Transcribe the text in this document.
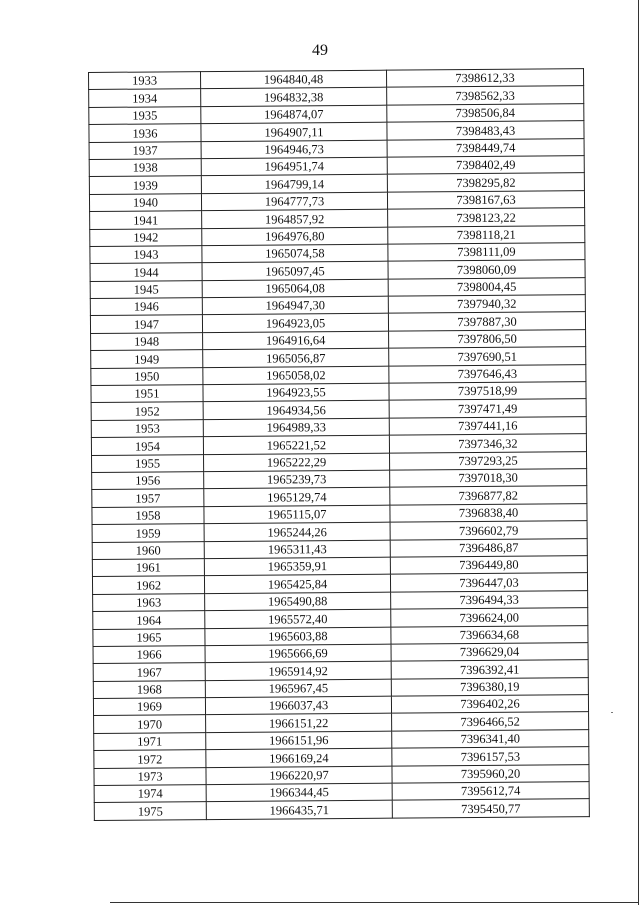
49
1933	1964840,48	7398612,33
1934	1964832,38	7398562,33
1935	1964874,07	7398506,84
1936	1964907,11	7398483,43
1937	1964946,73	7398449,74
1938	1964951,74	7398402,49
1939	1964799,14	7398295,82
1940	1964777,73	7398167,63
1941	1964857,92	7398123,22
1942	1964976,80	7398118,21
1943	1965074,58	7398111,09
1944	1965097,45	7398060,09
1945	1965064,08	7398004,45
1946	1964947,30	7397940,32
1947	1964923,05	7397887,30
1948	1964916,64	7397806,50
1949	1965056,87	7397690,51
1950	1965058,02	7397646,43
1951	1964923,55	7397518,99
1952	1964934,56	7397471,49
1953	1964989,33	7397441,16
1954	1965221,52	7397346,32
1955	1965222,29	7397293,25
1956	1965239,73	7397018,30
1957	1965129,74	7396877,82
1958	1965115,07	7396838,40
1959	1965244,26	7396602,79
1960	1965311,43	7396486,87
1961	1965359,91	7396449,80
1962	1965425,84	7396447,03
1963	1965490,88	7396494,33
1964	1965572,40	7396624,00
1965	1965603,88	7396634,68
1966	1965666,69	7396629,04
1967	1965914,92	7396392,41
1968	1965967,45	7396380,19
1969	1966037,43	7396402,26
1970	1966151,22	7396466,52
1971	1966151,96	7396341,40
1972	1966169,24	7396157,53
1973	1966220,97	7395960,20
1974	1966344,45	7395612,74
1975	1966435,71	7395450,77
